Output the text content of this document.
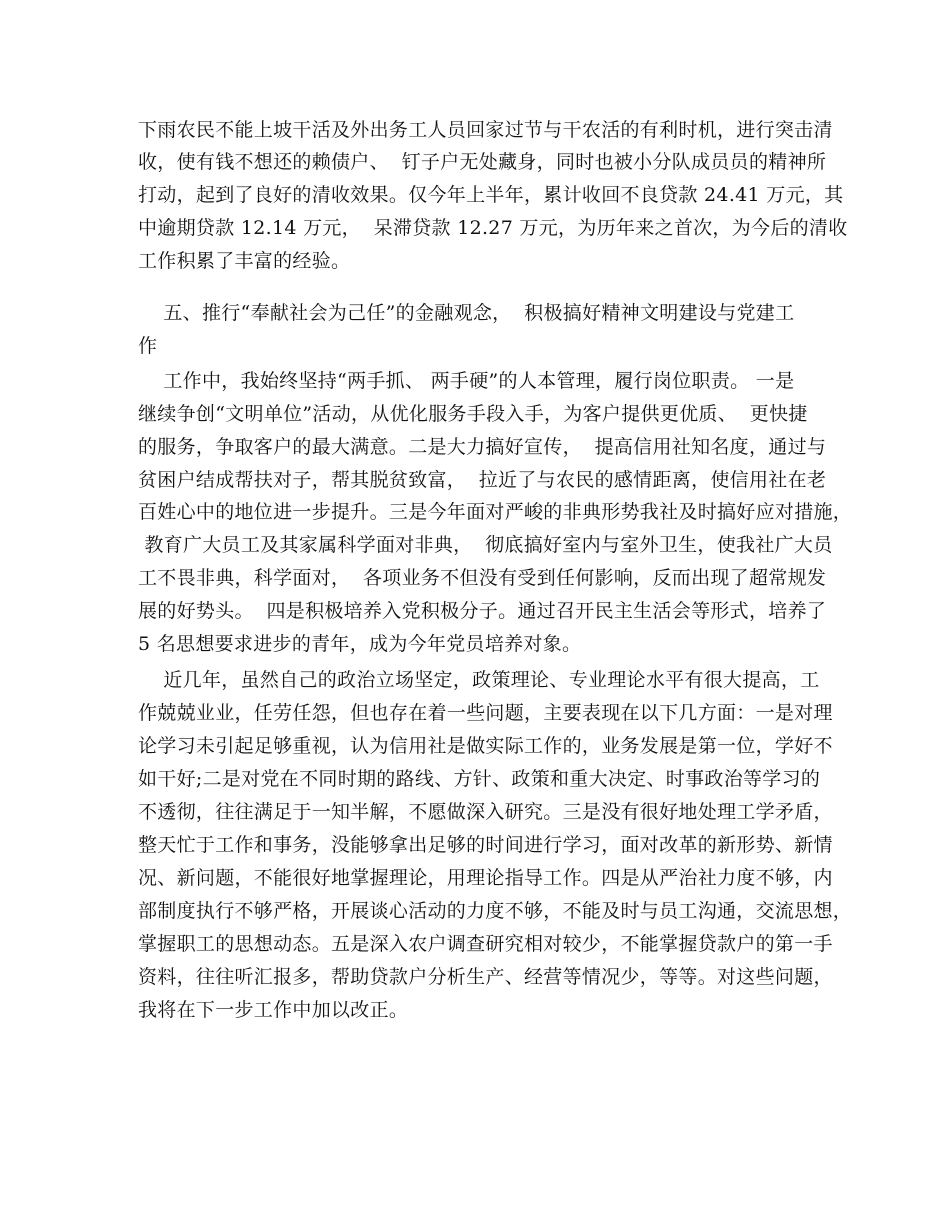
下雨农民不能上坡干活及外出务工人员回家过节与干农活的有利时机，进行突击清
收，使有钱不想还的赖债户、  钉子户无处藏身，同时也被小分队成员员的精神所
打动，起到了良好的清收效果。仅今年上半年，累计收回不良贷款 24.41 万元，其
中逾期贷款 12.14 万元，  呆滞贷款 12.27 万元，为历年来之首次，为今后的清收
工作积累了丰富的经验。
五、推行“奉献社会为己任”的金融观念，  积极搞好精神文明建设与党建工
作
工作中，我始终坚持“两手抓、 两手硬”的人本管理，履行岗位职责。 一是
继续争创“文明单位”活动，从优化服务手段入手，为客户提供更优质、  更快捷
的服务，争取客户的最大满意。二是大力搞好宣传，  提高信用社知名度，通过与
贫困户结成帮扶对子，帮其脱贫致富，  拉近了与农民的感情距离，使信用社在老
百姓心中的地位进一步提升。三是今年面对严峻的非典形势我社及时搞好应对措施，
教育广大员工及其家属科学面对非典，  彻底搞好室内与室外卫生，使我社广大员
工不畏非典，科学面对，  各项业务不但没有受到任何影响，反而出现了超常规发
展的好势头。  四是积极培养入党积极分子。通过召开民主生活会等形式，培养了
5 名思想要求进步的青年，成为今年党员培养对象。
近几年，虽然自己的政治立场坚定，政策理论、专业理论水平有很大提高，工
作兢兢业业，任劳任怨，但也存在着一些问题，主要表现在以下几方面：一是对理
论学习未引起足够重视，认为信用社是做实际工作的，业务发展是第一位，学好不
如干好;二是对党在不同时期的路线、方针、政策和重大决定、时事政治等学习的
不透彻，往往满足于一知半解，不愿做深入研究。三是没有很好地处理工学矛盾，
整天忙于工作和事务，没能够拿出足够的时间进行学习，面对改革的新形势、新情
况、新问题，不能很好地掌握理论，用理论指导工作。四是从严治社力度不够，内
部制度执行不够严格，开展谈心活动的力度不够，不能及时与员工沟通，交流思想，
掌握职工的思想动态。五是深入农户调查研究相对较少，不能掌握贷款户的第一手
资料，往往听汇报多，帮助贷款户分析生产、经营等情况少，等等。对这些问题，
我将在下一步工作中加以改正。
